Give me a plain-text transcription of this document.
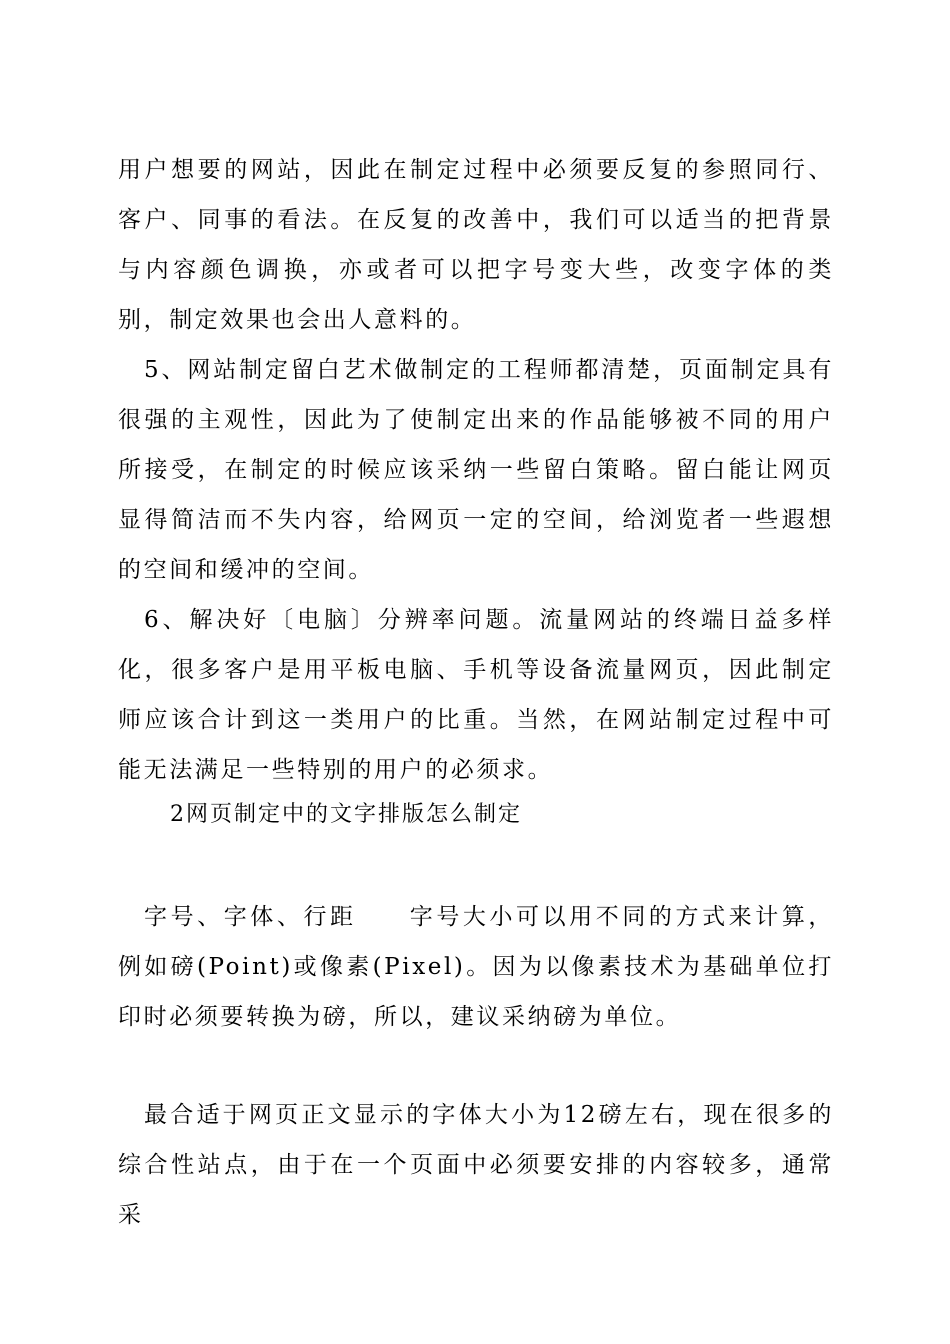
用户想要的网站，因此在制定过程中必须要反复的参照同行、客户、同事的看法。在反复的改善中，我们可以适当的把背景与内容颜色调换，亦或者可以把字号变大些，改变字体的类别，制定效果也会出人意料的。

5、网站制定留白艺术做制定的工程师都清楚，页面制定具有很强的主观性，因此为了使制定出来的作品能够被不同的用户所接受，在制定的时候应该采纳一些留白策略。留白能让网页显得简洁而不失内容，给网页一定的空间，给浏览者一些遐想的空间和缓冲的空间。

6、解决好〔电脑〕分辨率问题。流量网站的终端日益多样化，很多客户是用平板电脑、手机等设备流量网页，因此制定师应该合计到这一类用户的比重。当然，在网站制定过程中可能无法满足一些特别的用户的必须求。

2网页制定中的文字排版怎么制定

字号、字体、行距　　字号大小可以用不同的方式来计算，例如磅(Point)或像素(Pixel)。因为以像素技术为基础单位打印时必须要转换为磅，所以，建议采纳磅为单位。

最合适于网页正文显示的字体大小为12磅左右，现在很多的综合性站点，由于在一个页面中必须要安排的内容较多，通常采
